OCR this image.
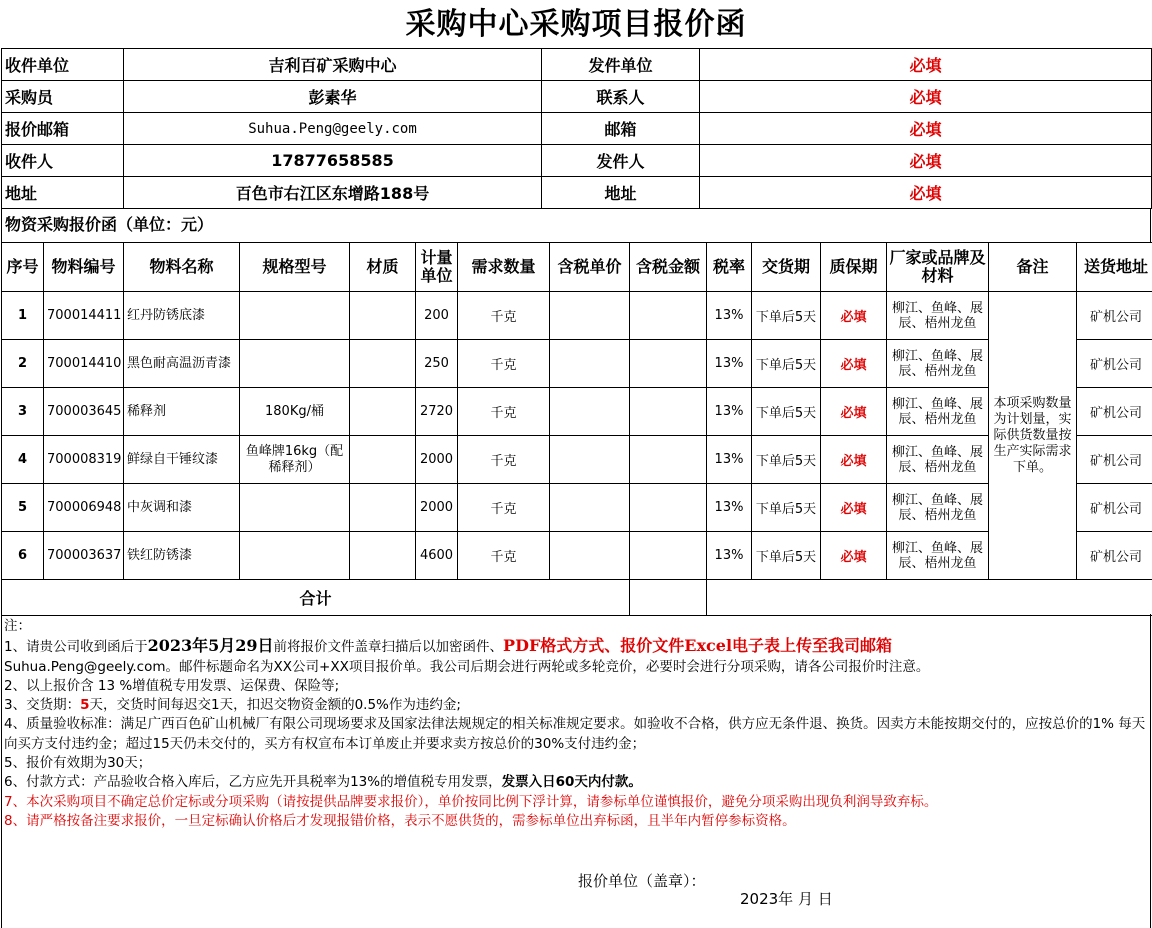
采购中心采购项目报价函
收件单位	吉利百矿采购中心	发件单位	必填
采购员	彭素华	联系人	必填
报价邮箱	Suhua.Peng@geely.com	邮箱	必填
收件人	17877658585	发件人	必填
地址	百色市右江区东增路188号	地址	必填
物资采购报价函（单位：元）
序号	物料编号	物料名称	规格型号	材质	计量单位	需求数量	含税单价	含税金额	税率	交货期	质保期	厂家或品牌及材料	备注	送货地址
1	700014411	红丹防锈底漆			200	千克			13%	下单后5天	必填	柳江、鱼峰、展辰、梧州龙鱼	本项采购数量为计划量，实际供货数量按生产实际需求下单。	矿机公司
2	700014410	黑色耐高温沥青漆			250	千克			13%	下单后5天	必填	柳江、鱼峰、展辰、梧州龙鱼		矿机公司
3	700003645	稀释剂	180Kg/桶		2720	千克			13%	下单后5天	必填	柳江、鱼峰、展辰、梧州龙鱼		矿机公司
4	700008319	鲜绿自干锤纹漆	鱼峰牌16kg（配稀释剂）		2000	千克			13%	下单后5天	必填	柳江、鱼峰、展辰、梧州龙鱼		矿机公司
5	700006948	中灰调和漆			2000	千克			13%	下单后5天	必填	柳江、鱼峰、展辰、梧州龙鱼		矿机公司
6	700003637	铁红防锈漆			4600	千克			13%	下单后5天	必填	柳江、鱼峰、展辰、梧州龙鱼		矿机公司
合计														

注：

1、请贵公司收到函后于2023年5月29日前将报价文件盖章扫描后以加密函件、PDF格式方式、报价文件Excel电子表上传至我司邮箱

Suhua.Peng@geely.com。邮件标题命名为XX公司+XX项目报价单。我公司后期会进行两轮或多轮竞价，必要时会进行分项采购，请各公司报价时注意。

2、以上报价含 13 %增值税专用发票、运保费、保险等;

3、交货期：5天，交货时间每迟交1天，扣迟交物资金额的0.5%作为违约金;

4、质量验收标准：满足广西百色矿山机械厂有限公司现场要求及国家法律法规规定的相关标准规定要求。如验收不合格，供方应无条件退、换货。因卖方未能按期交付的，应按总价的1% 每天向买方支付违约金；超过15天仍未交付的，买方有权宣布本订单废止并要求卖方按总价的30%支付违约金；

5、报价有效期为30天；

6、付款方式：产品验收合格入库后，乙方应先开具税率为13%的增值税专用发票，发票入日60天内付款。

7、本次采购项目不确定总价定标或分项采购（请按提供品牌要求报价），单价按同比例下浮计算，请参标单位谨慎报价，避免分项采购出现负利润导致弃标。

8、请严格按备注要求报价，一旦定标确认价格后才发现报错价格，表示不愿供货的，需参标单位出弃标函，且半年内暂停参标资格。

报价单位（盖章）：
2023年 月 日
